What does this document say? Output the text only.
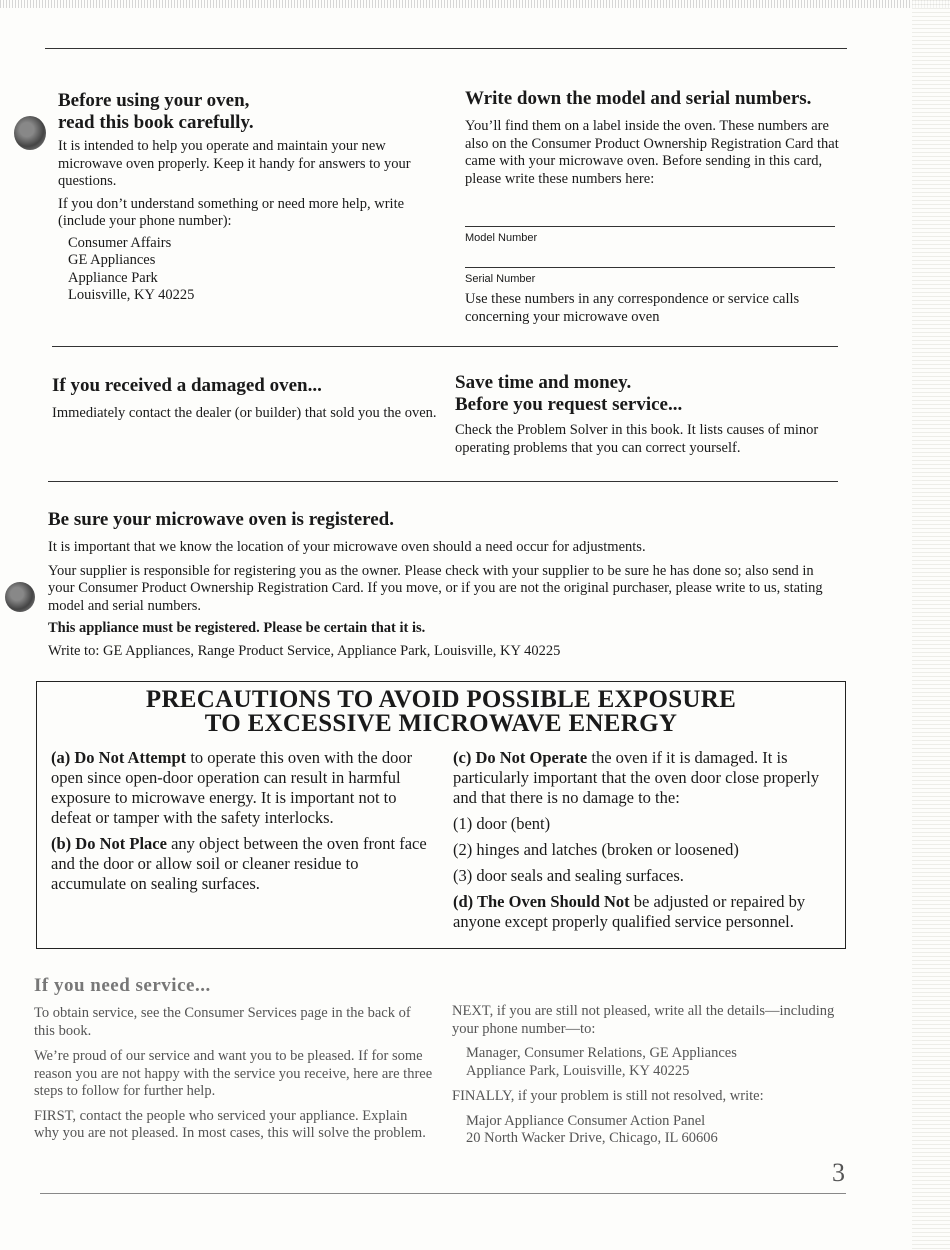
Before using your oven,

read this book carefully.

It is intended to help you operate and maintain your new microwave oven properly. Keep it handy for answers to your questions.

If you don’t understand something or need more help, write (include your phone number):

Consumer Affairs

GE Appliances

Appliance Park

Louisville, KY 40225

Write down the model and serial numbers.

You’ll find them on a label inside the oven. These numbers are also on the Consumer Product Ownership Registration Card that came with your microwave oven. Before sending in this card, please write these numbers here:

Model Number
Serial Number
Use these numbers in any correspondence or service calls concerning your microwave oven

If you received a damaged oven...

Immediately contact the dealer (or builder) that sold you the oven.

Save time and money.

Before you request service...

Check the Problem Solver in this book. It lists causes of minor operating problems that you can correct yourself.

Be sure your microwave oven is registered.

It is important that we know the location of your microwave oven should a need occur for adjustments.

Your supplier is responsible for registering you as the owner. Please check with your supplier to be sure he has done so; also send in your Consumer Product Ownership Registration Card. If you move, or if you are not the original purchaser, please write to us, stating model and serial numbers.

This appliance must be registered. Please be certain that it is.

Write to: GE Appliances, Range Product Service, Appliance Park, Louisville, KY 40225

PRECAUTIONS TO AVOID POSSIBLE EXPOSURE
TO EXCESSIVE MICROWAVE ENERGY

(a) Do Not Attempt to operate this oven with the door open since open-door operation can result in harmful exposure to microwave energy. It is important not to defeat or tamper with the safety interlocks.

(b) Do Not Place any object between the oven front face and the door or allow soil or cleaner residue to accumulate on sealing surfaces.

(c) Do Not Operate the oven if it is damaged. It is particularly important that the oven door close properly and that there is no damage to the:

(1) door (bent)

(2) hinges and latches (broken or loosened)

(3) door seals and sealing surfaces.

(d) The Oven Should Not be adjusted or repaired by anyone except properly qualified service personnel.

If you need service...

To obtain service, see the Consumer Services page in the back of this book.

We’re proud of our service and want you to be pleased. If for some reason you are not happy with the service you receive, here are three steps to follow for further help.

FIRST, contact the people who serviced your appliance. Explain why you are not pleased. In most cases, this will solve the problem.

NEXT, if you are still not pleased, write all the details—including your phone number—to:

Manager, Consumer Relations, GE Appliances

Appliance Park, Louisville, KY 40225

FINALLY, if your problem is still not resolved, write:

Major Appliance Consumer Action Panel

20 North Wacker Drive, Chicago, IL 60606

3
